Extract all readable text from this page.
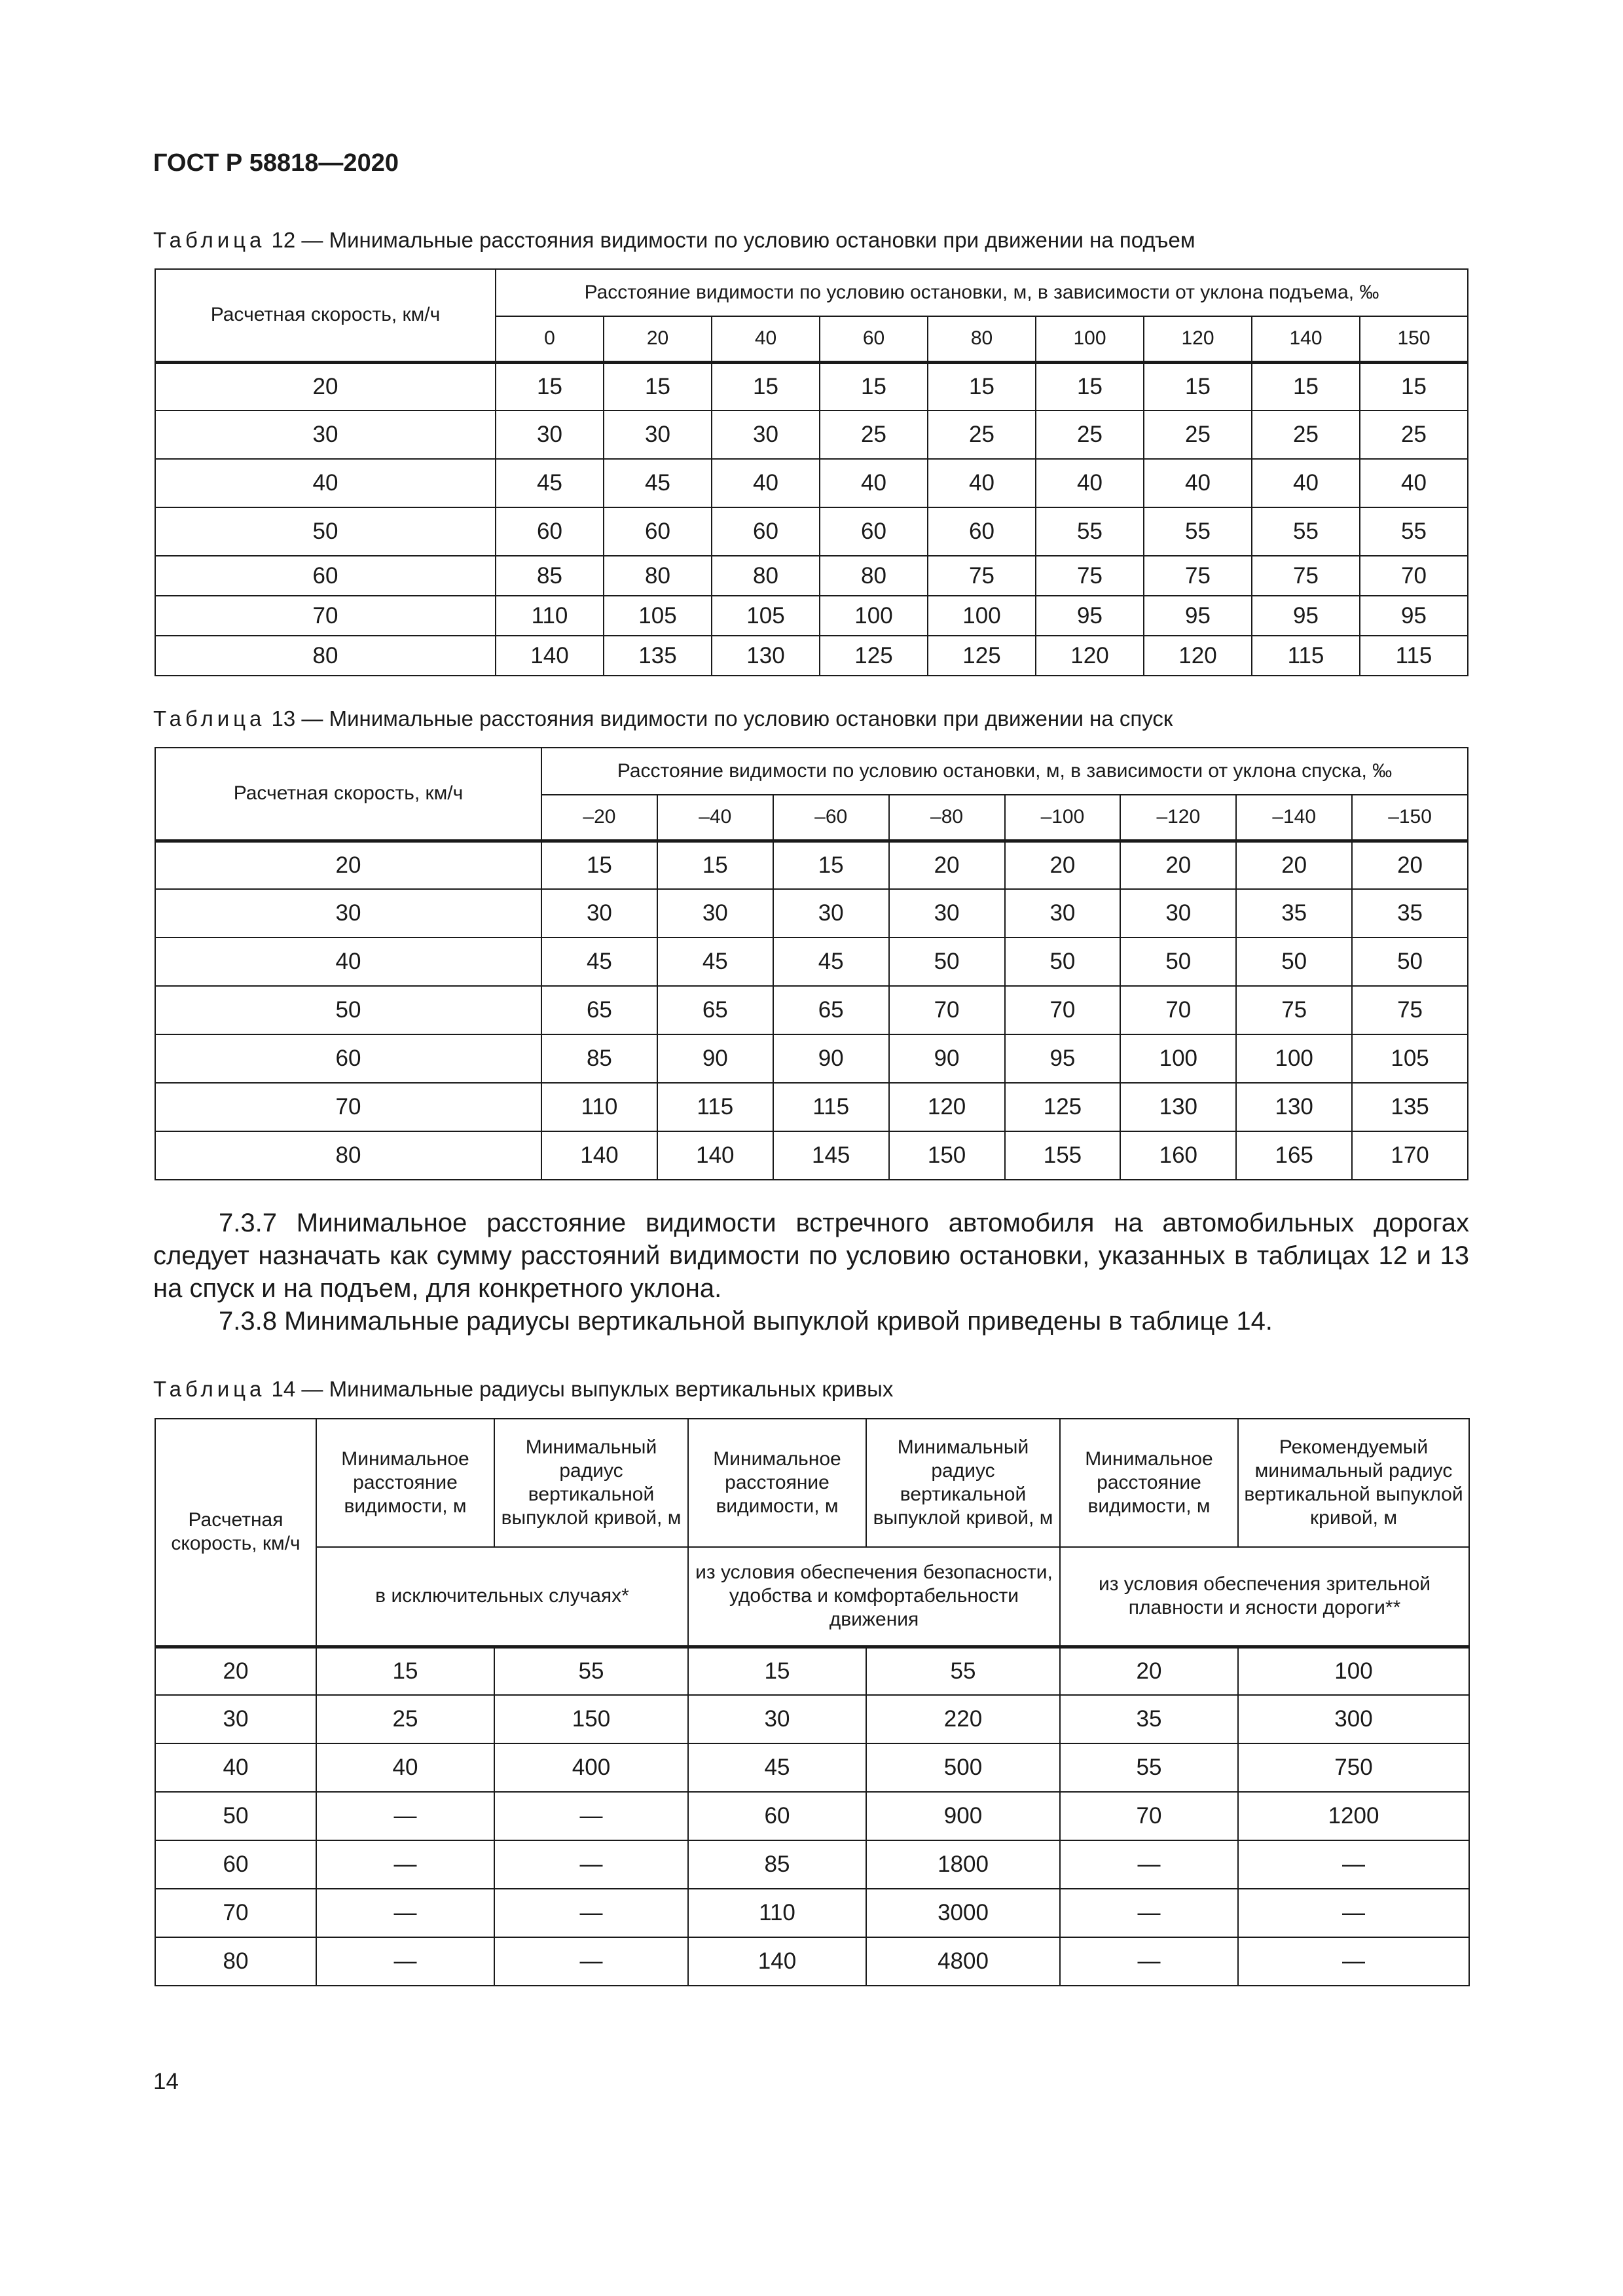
ГОСТ Р 58818—2020
Таблица 12 — Минимальные расстояния видимости по условию остановки при движении на подъем
Расчетная скорость, км/ч	Расстояние видимости по условию остановки, м, в зависимости от уклона подъема, ‰								
	0	20	40	60	80	100	120	140	150
20	15	15	15	15	15	15	15	15	15
30	30	30	30	25	25	25	25	25	25
40	45	45	40	40	40	40	40	40	40
50	60	60	60	60	60	55	55	55	55
60	85	80	80	80	75	75	75	75	70
70	110	105	105	100	100	95	95	95	95
80	140	135	130	125	125	120	120	115	115
Таблица 13 — Минимальные расстояния видимости по условию остановки при движении на спуск
Расчетная скорость, км/ч	Расстояние видимости по условию остановки, м, в зависимости от уклона спуска, ‰							
	–20	–40	–60	–80	–100	–120	–140	–150
20	15	15	15	20	20	20	20	20
30	30	30	30	30	30	30	35	35
40	45	45	45	50	50	50	50	50
50	65	65	65	70	70	70	75	75
60	85	90	90	90	95	100	100	105
70	110	115	115	120	125	130	130	135
80	140	140	145	150	155	160	165	170

7.3.7 Минимальное расстояние видимости встречного автомобиля на автомобильных дорогах следует назначать как сумму расстояний видимости по условию остановки, указанных в таблицах 12 и 13 на спуск и на подъем, для конкретного уклона.

7.3.8 Минимальные радиусы вертикальной выпуклой кривой приведены в таблице 14.

Таблица 14 — Минимальные радиусы выпуклых вертикальных кривых
Расчетная скорость, км/ч	Минимальное расстояние видимости, м	Минимальный радиус вертикальной выпуклой кривой, м	Минимальное расстояние видимости, м	Минимальный радиус вертикальной выпуклой кривой, м	Минимальное расстояние видимости, м	Рекомендуемый минимальный радиус вертикальной выпуклой кривой, м
	в исключительных случаях*		из условия обеспечения безопасности, удобства и комфортабельности движения		из условия обеспечения зрительной плавности и ясности дороги**	
20	15	55	15	55	20	100
30	25	150	30	220	35	300
40	40	400	45	500	55	750
50	—	—	60	900	70	1200
60	—	—	85	1800	—	—
70	—	—	110	3000	—	—
80	—	—	140	4800	—	—
14
